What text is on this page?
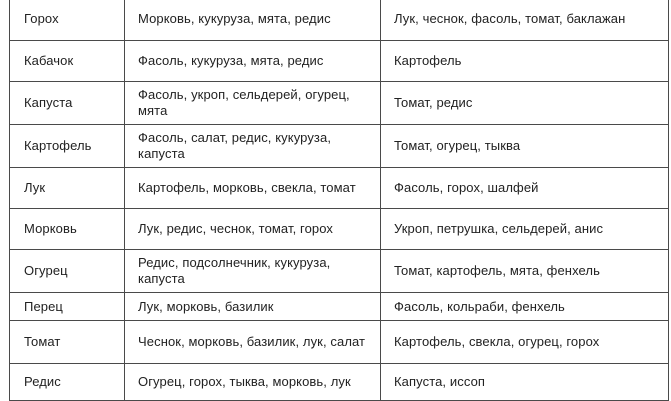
Горох	Морковь, кукуруза, мята, редис	Лук, чеснок, фасоль, томат, баклажан
Кабачок	Фасоль, кукуруза, мята, редис	Картофель
Капуста	Фасоль, укроп, сельдерей, огурец, мята	Томат, редис
Картофель	Фасоль, салат, редис, кукуруза, капуста	Томат, огурец, тыква
Лук	Картофель, морковь, свекла, томат	Фасоль, горох, шалфей
Морковь	Лук, редис, чеснок, томат, горох	Укроп, петрушка, сельдерей, анис
Огурец	Редис, подсолнечник, кукуруза, капуста	Томат, картофель, мята, фенхель
Перец	Лук, морковь, базилик	Фасоль, кольраби, фенхель
Томат	Чеснок, морковь, базилик, лук, салат	Картофель, свекла, огурец, горох
Редис	Огурец, горох, тыква, морковь, лук	Капуста, иссоп
